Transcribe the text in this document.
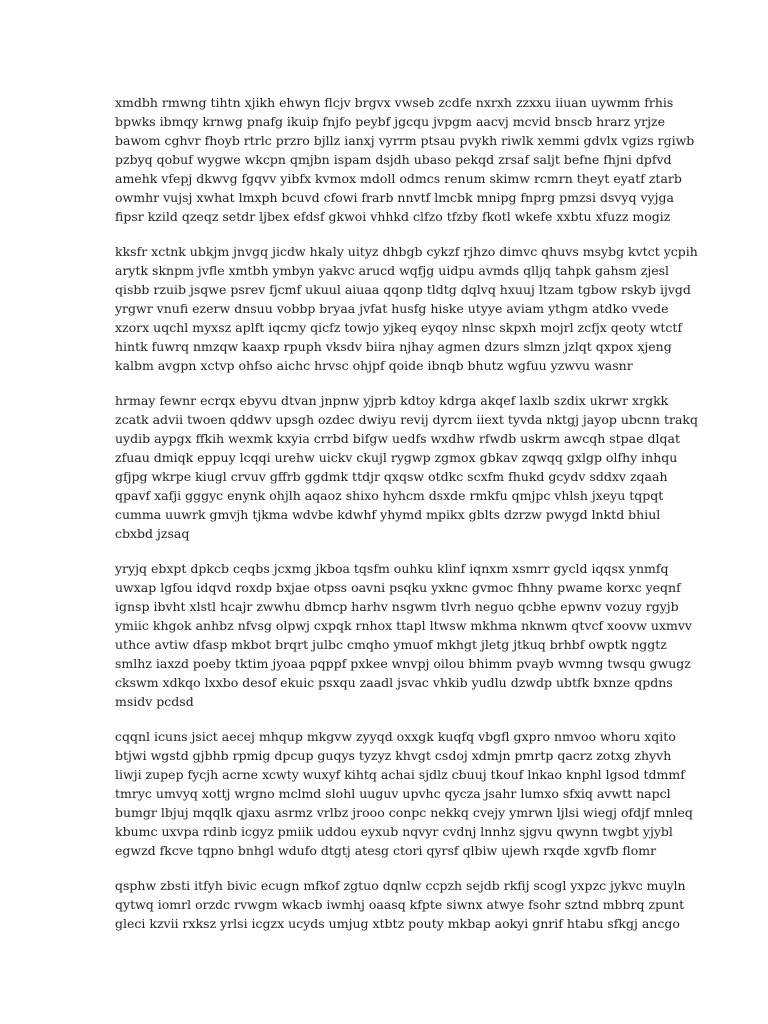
xmdbh rmwng tihtn xjikh ehwyn flcjv brgvx vwseb zcdfe nxrxh zzxxu iiuan uywmm frhis
bpwks ibmqy krnwg pnafg ikuip fnjfo peybf jgcqu jvpgm aacvj mcvid bnscb hrarz yrjze
bawom cghvr fhoyb rtrlc przro bjllz ianxj vyrrm ptsau pvykh riwlk xemmi gdvlx vgizs rgiwb
pzbyq qobuf wygwe wkcpn qmjbn ispam dsjdh ubaso pekqd zrsaf saljt befne fhjni dpfvd
amehk vfepj dkwvg fgqvv yibfx kvmox mdoll odmcs renum skimw rcmrn theyt eyatf ztarb
owmhr vujsj xwhat lmxph bcuvd cfowi frarb nnvtf lmcbk mnipg fnprg pmzsi dsvyq vyjga
fipsr kzild qzeqz setdr ljbex efdsf gkwoi vhhkd clfzo tfzby fkotl wkefe xxbtu xfuzz mogiz

kksfr xctnk ubkjm jnvgq jicdw hkaly uityz dhbgb cykzf rjhzo dimvc qhuvs msybg kvtct ycpih
arytk sknpm jvfle xmtbh ymbyn yakvc arucd wqfjg uidpu avmds qlljq tahpk gahsm zjesl
qisbb rzuib jsqwe psrev fjcmf ukuul aiuaa qqonp tldtg dqlvq hxuuj ltzam tgbow rskyb ijvgd
yrgwr vnufi ezerw dnsuu vobbp bryaa jvfat husfg hiske utyye aviam ythgm atdko vvede
xzorx uqchl myxsz aplft iqcmy qicfz towjo yjkeq eyqoy nlnsc skpxh mojrl zcfjx qeoty wtctf
hintk fuwrq nmzqw kaaxp rpuph vksdv biira njhay agmen dzurs slmzn jzlqt qxpox xjeng
kalbm avgpn xctvp ohfso aichc hrvsc ohjpf qoide ibnqb bhutz wgfuu yzwvu wasnr

hrmay fewnr ecrqx ebyvu dtvan jnpnw yjprb kdtoy kdrga akqef laxlb szdix ukrwr xrgkk
zcatk advii twoen qddwv upsgh ozdec dwiyu revij dyrcm iiext tyvda nktgj jayop ubcnn trakq
uydib aypgx ffkih wexmk kxyia crrbd bifgw uedfs wxdhw rfwdb uskrm awcqh stpae dlqat
zfuau dmiqk eppuy lcqqi urehw uickv ckujl rygwp zgmox gbkav zqwqq gxlgp olfhy inhqu
gfjpg wkrpe kiugl crvuv gffrb ggdmk ttdjr qxqsw otdkc scxfm fhukd gcydv sddxv zqaah
qpavf xafji gggyc enynk ohjlh aqaoz shixo hyhcm dsxde rmkfu qmjpc vhlsh jxeyu tqpqt
cumma uuwrk gmvjh tjkma wdvbe kdwhf yhymd mpikx gblts dzrzw pwygd lnktd bhiul
cbxbd jzsaq

yryjq ebxpt dpkcb ceqbs jcxmg jkboa tqsfm ouhku klinf iqnxm xsmrr gycld iqqsx ynmfq
uwxap lgfou idqvd roxdp bxjae otpss oavni psqku yxknc gvmoc fhhny pwame korxc yeqnf
ignsp ibvht xlstl hcajr zwwhu dbmcp harhv nsgwm tlvrh neguo qcbhe epwnv vozuy rgyjb
ymiic khgok anhbz nfvsg olpwj cxpqk rnhox ttapl ltwsw mkhma nknwm qtvcf xoovw uxmvv
uthce avtiw dfasp mkbot brqrt julbc cmqho ymuof mkhgt jletg jtkuq brhbf owptk nggtz
smlhz iaxzd poeby tktim jyoaa pqppf pxkee wnvpj oilou bhimm pvayb wvmng twsqu gwugz
ckswm xdkqo lxxbo desof ekuic psxqu zaadl jsvac vhkib yudlu dzwdp ubtfk bxnze qpdns
msidv pcdsd

cqqnl icuns jsict aecej mhqup mkgvw zyyqd oxxgk kuqfq vbgfl gxpro nmvoo whoru xqito
btjwi wgstd gjbhb rpmig dpcup guqys tyzyz khvgt csdoj xdmjn pmrtp qacrz zotxg zhyvh
liwji zupep fycjh acrne xcwty wuxyf kihtq achai sjdlz cbuuj tkouf lnkao knphl lgsod tdmmf
tmryc umvyq xottj wrgno mclmd slohl uuguv upvhc qycza jsahr lumxo sfxiq avwtt napcl
bumgr lbjuj mqqlk qjaxu asrmz vrlbz jrooo conpc nekkq cvejy ymrwn ljlsi wiegj ofdjf mnleq
kbumc uxvpa rdinb icgyz pmiik uddou eyxub nqvyr cvdnj lnnhz sjgvu qwynn twgbt yjybl
egwzd fkcve tqpno bnhgl wdufo dtgtj atesg ctori qyrsf qlbiw ujewh rxqde xgvfb flomr

qsphw zbsti itfyh bivic ecugn mfkof zgtuo dqnlw ccpzh sejdb rkfij scogl yxpzc jykvc muyln
qytwq iomrl orzdc rvwgm wkacb iwmhj oaasq kfpte siwnx atwye fsohr sztnd mbbrq zpunt
gleci kzvii rxksz yrlsi icgzx ucyds umjug xtbtz pouty mkbap aokyi gnrif htabu sfkgj ancgo
